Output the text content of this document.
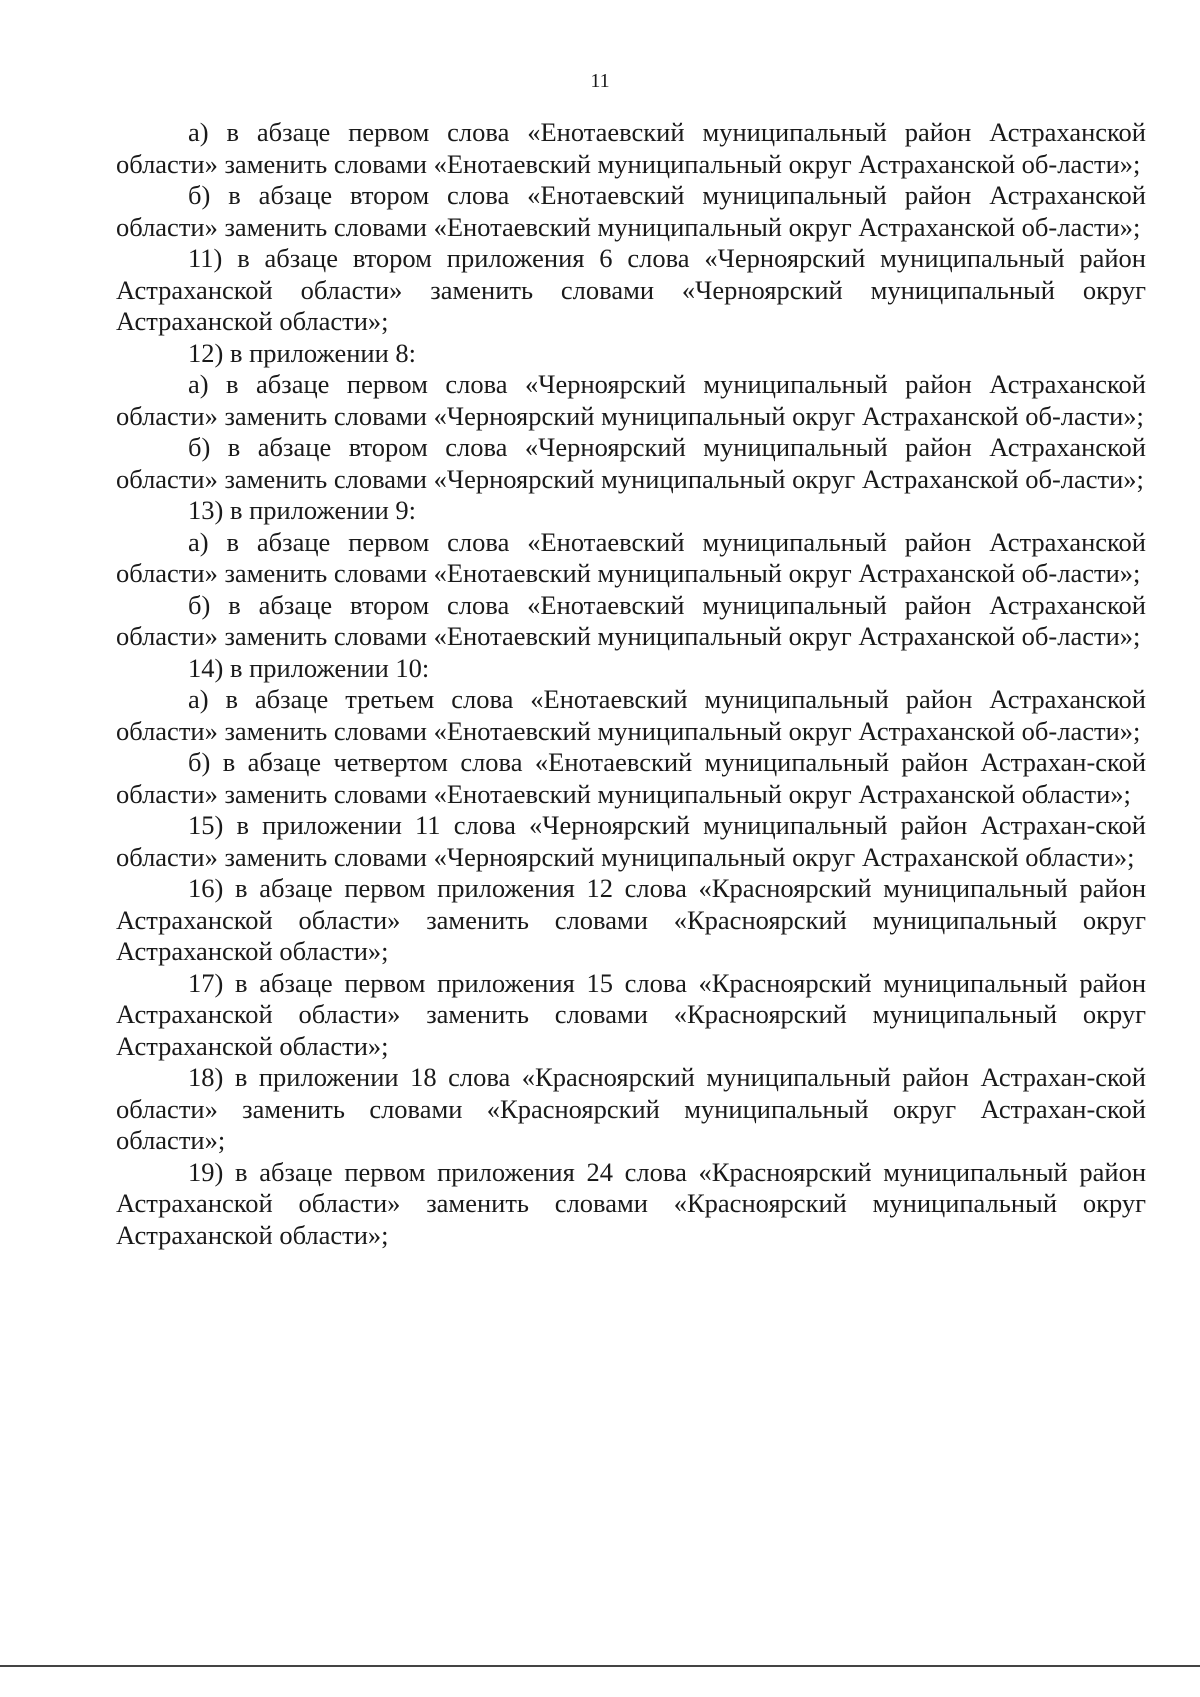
11

а) в абзаце первом слова «Енотаевский муниципальный район Астраханской области» заменить словами «Енотаевский муниципальный округ Астраханской об-ласти»;

б) в абзаце втором слова «Енотаевский муниципальный район Астраханской области» заменить словами «Енотаевский муниципальный округ Астраханской об-ласти»;

11) в абзаце втором приложения 6 слова «Черноярский муниципальный район Астраханской области» заменить словами «Черноярский муниципальный округ Астраханской области»;

12) в приложении 8:

а) в абзаце первом слова «Черноярский муниципальный район Астраханской области» заменить словами «Черноярский муниципальный округ Астраханской об-ласти»;

б) в абзаце втором слова «Черноярский муниципальный район Астраханской области» заменить словами «Черноярский муниципальный округ Астраханской об-ласти»;

13) в приложении 9:

а) в абзаце первом слова «Енотаевский муниципальный район Астраханской области» заменить словами «Енотаевский муниципальный округ Астраханской об-ласти»;

б) в абзаце втором слова «Енотаевский муниципальный район Астраханской области» заменить словами «Енотаевский муниципальный округ Астраханской об-ласти»;

14) в приложении 10:

а) в абзаце третьем слова «Енотаевский муниципальный район Астраханской области» заменить словами «Енотаевский муниципальный округ Астраханской об-ласти»;

б) в абзаце четвертом слова «Енотаевский муниципальный район Астрахан-ской области» заменить словами «Енотаевский муниципальный округ Астраханской области»;

15) в приложении 11 слова «Черноярский муниципальный район Астрахан-ской области» заменить словами «Черноярский муниципальный округ Астраханской области»;

16) в абзаце первом приложения 12 слова «Красноярский муниципальный район Астраханской области» заменить словами «Красноярский муниципальный округ Астраханской области»;

17) в абзаце первом приложения 15 слова «Красноярский муниципальный район Астраханской области» заменить словами «Красноярский муниципальный округ Астраханской области»;

18) в приложении 18 слова «Красноярский муниципальный район Астрахан-ской области» заменить словами «Красноярский муниципальный округ Астрахан-ской области»;

19) в абзаце первом приложения 24 слова «Красноярский муниципальный район Астраханской области» заменить словами «Красноярский муниципальный округ Астраханской области»;
